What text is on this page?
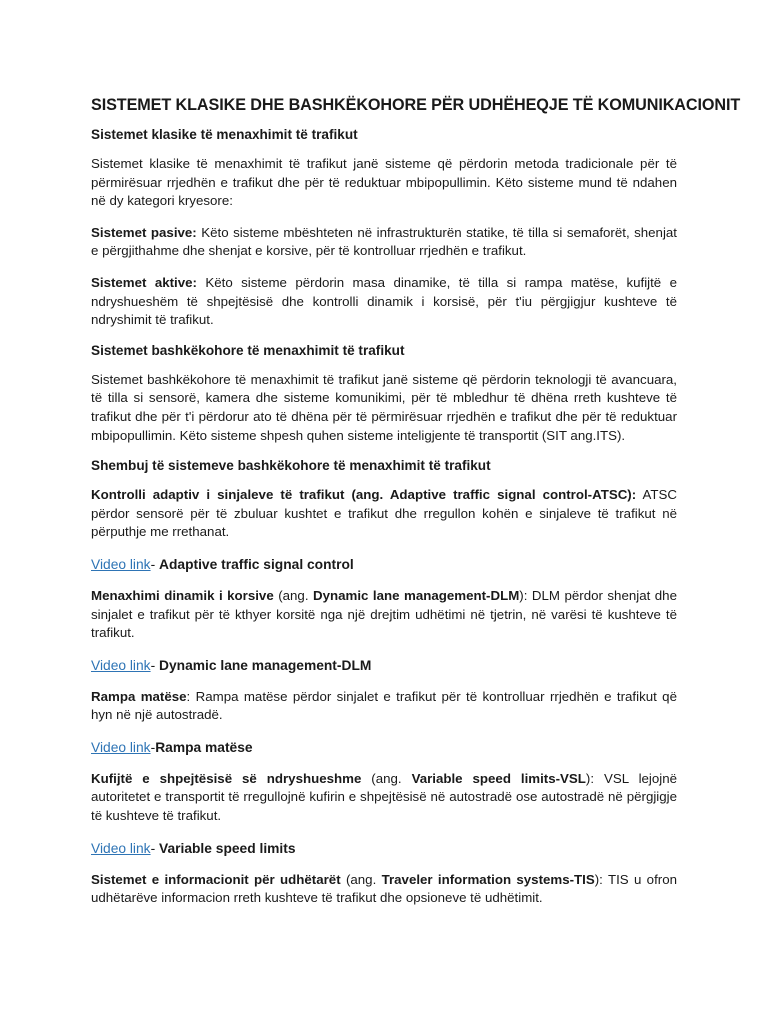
SISTEMET KLASIKE DHE BASHKËKOHORE PËR UDHËHEQJE TË KOMUNIKACIONIT
Sistemet klasike të menaxhimit të trafikut

Sistemet klasike të menaxhimit të trafikut janë sisteme që përdorin metoda tradicionale për të përmirësuar rrjedhën e trafikut dhe për të reduktuar mbipopullimin. Këto sisteme mund të ndahen në dy kategori kryesore:

Sistemet pasive: Këto sisteme mbështeten në infrastrukturën statike, të tilla si semaforët, shenjat e përgjithahme dhe shenjat e korsive, për të kontrolluar rrjedhën e trafikut.

Sistemet aktive: Këto sisteme përdorin masa dinamike, të tilla si rampa matëse, kufijtë e ndryshueshëm të shpejtësisë dhe kontrolli dinamik i korsisë, për t'iu përgjigjur kushteve të ndryshimit të trafikut.

Sistemet bashkëkohore të menaxhimit të trafikut

Sistemet bashkëkohore të menaxhimit të trafikut janë sisteme që përdorin teknologji të avancuara, të tilla si sensorë, kamera dhe sisteme komunikimi, për të mbledhur të dhëna rreth kushteve të trafikut dhe për t'i përdorur ato të dhëna për të përmirësuar rrjedhën e trafikut dhe për të reduktuar mbipopullimin. Këto sisteme shpesh quhen sisteme inteligjente të transportit (SIT ang.ITS).

Shembuj të sistemeve bashkëkohore të menaxhimit të trafikut

Kontrolli adaptiv i sinjaleve të trafikut (ang. Adaptive traffic signal control-ATSC): ATSC përdor sensorë për të zbuluar kushtet e trafikut dhe rregullon kohën e sinjaleve të trafikut në përputhje me rrethanat.

Video link- Adaptive traffic signal control

Menaxhimi dinamik i korsive (ang. Dynamic lane management-DLM): DLM përdor shenjat dhe sinjalet e trafikut për të kthyer korsitë nga një drejtim udhëtimi në tjetrin, në varësi të kushteve të trafikut.

Video link- Dynamic lane management-DLM

Rampa matëse: Rampa matëse përdor sinjalet e trafikut për të kontrolluar rrjedhën e trafikut që hyn në një autostradë.

Video link-Rampa matëse

Kufijtë e shpejtësisë së ndryshueshme (ang. Variable speed limits-VSL): VSL lejojnë autoritetet e transportit të rregullojnë kufirin e shpejtësisë në autostradë ose autostradë në përgjigje të kushteve të trafikut.

Video link- Variable speed limits

Sistemet e informacionit për udhëtarët (ang. Traveler information systems-TIS): TIS u ofron udhëtarëve informacion rreth kushteve të trafikut dhe opsioneve të udhëtimit.
